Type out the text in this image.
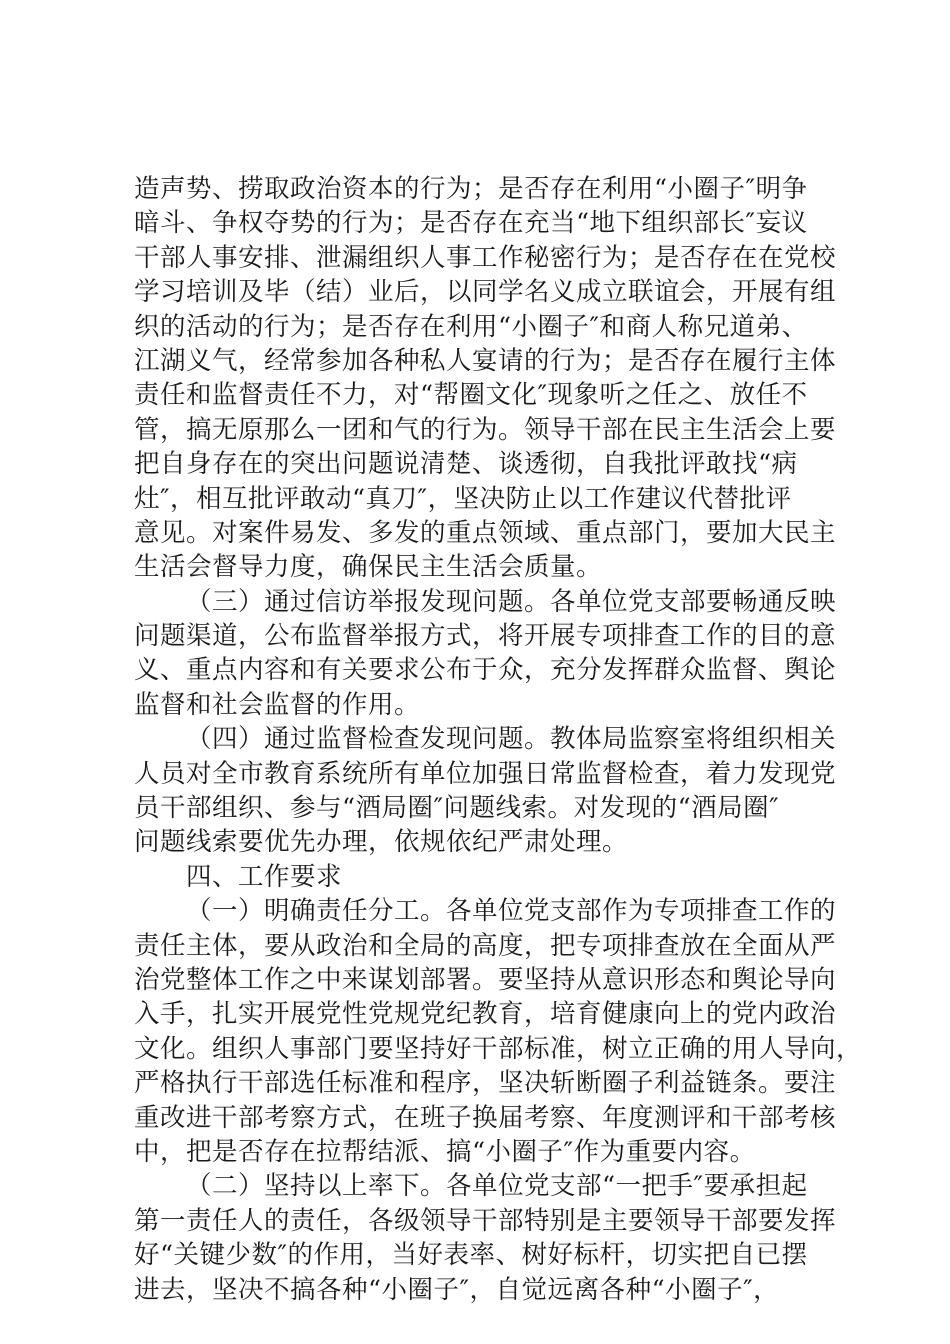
造声势、捞取政治资本的行为；是否存在利用“小圈子″明争
暗斗、争权夺势的行为；是否存在充当“地下组织部长″妄议
干部人事安排、泄漏组织人事工作秘密行为；是否存在在党校
学习培训及毕（结）业后，以同学名义成立联谊会，开展有组
织的活动的行为；是否存在利用“小圈子″和商人称兄道弟、
江湖义气，经常参加各种私人宴请的行为；是否存在履行主体
责任和监督责任不力，对“帮圈文化″现象听之任之、放任不
管，搞无原那么一团和气的行为。领导干部在民主生活会上要
把自身存在的突出问题说清楚、谈透彻，自我批评敢找“病
灶″，相互批评敢动“真刀″，坚决防止以工作建议代替批评
意见。对案件易发、多发的重点领域、重点部门，要加大民主
生活会督导力度，确保民主生活会质量。
（三）通过信访举报发现问题。各单位党支部要畅通反映
问题渠道，公布监督举报方式，将开展专项排查工作的目的意
义、重点内容和有关要求公布于众，充分发挥群众监督、舆论
监督和社会监督的作用。
（四）通过监督检查发现问题。教体局监察室将组织相关
人员对全市教育系统所有单位加强日常监督检查，着力发现党
员干部组织、参与“酒局圈″问题线索。对发现的“酒局圈″
问题线索要优先办理，依规依纪严肃处理。
四、工作要求
（一）明确责任分工。各单位党支部作为专项排查工作的
责任主体，要从政治和全局的高度，把专项排查放在全面从严
治党整体工作之中来谋划部署。要坚持从意识形态和舆论导向
入手，扎实开展党性党规党纪教育，培育健康向上的党内政治
文化。组织人事部门要坚持好干部标准，树立正确的用人导向，
严格执行干部选任标准和程序，坚决斩断圈子利益链条。要注
重改进干部考察方式，在班子换届考察、年度测评和干部考核
中，把是否存在拉帮结派、搞“小圈子″作为重要内容。
（二）坚持以上率下。各单位党支部“一把手″要承担起
第一责任人的责任，各级领导干部特别是主要领导干部要发挥
好“关键少数″的作用，当好表率、树好标杆，切实把自已摆
进去，坚决不搞各种“小圈子″，自觉远离各种“小圈子″，
